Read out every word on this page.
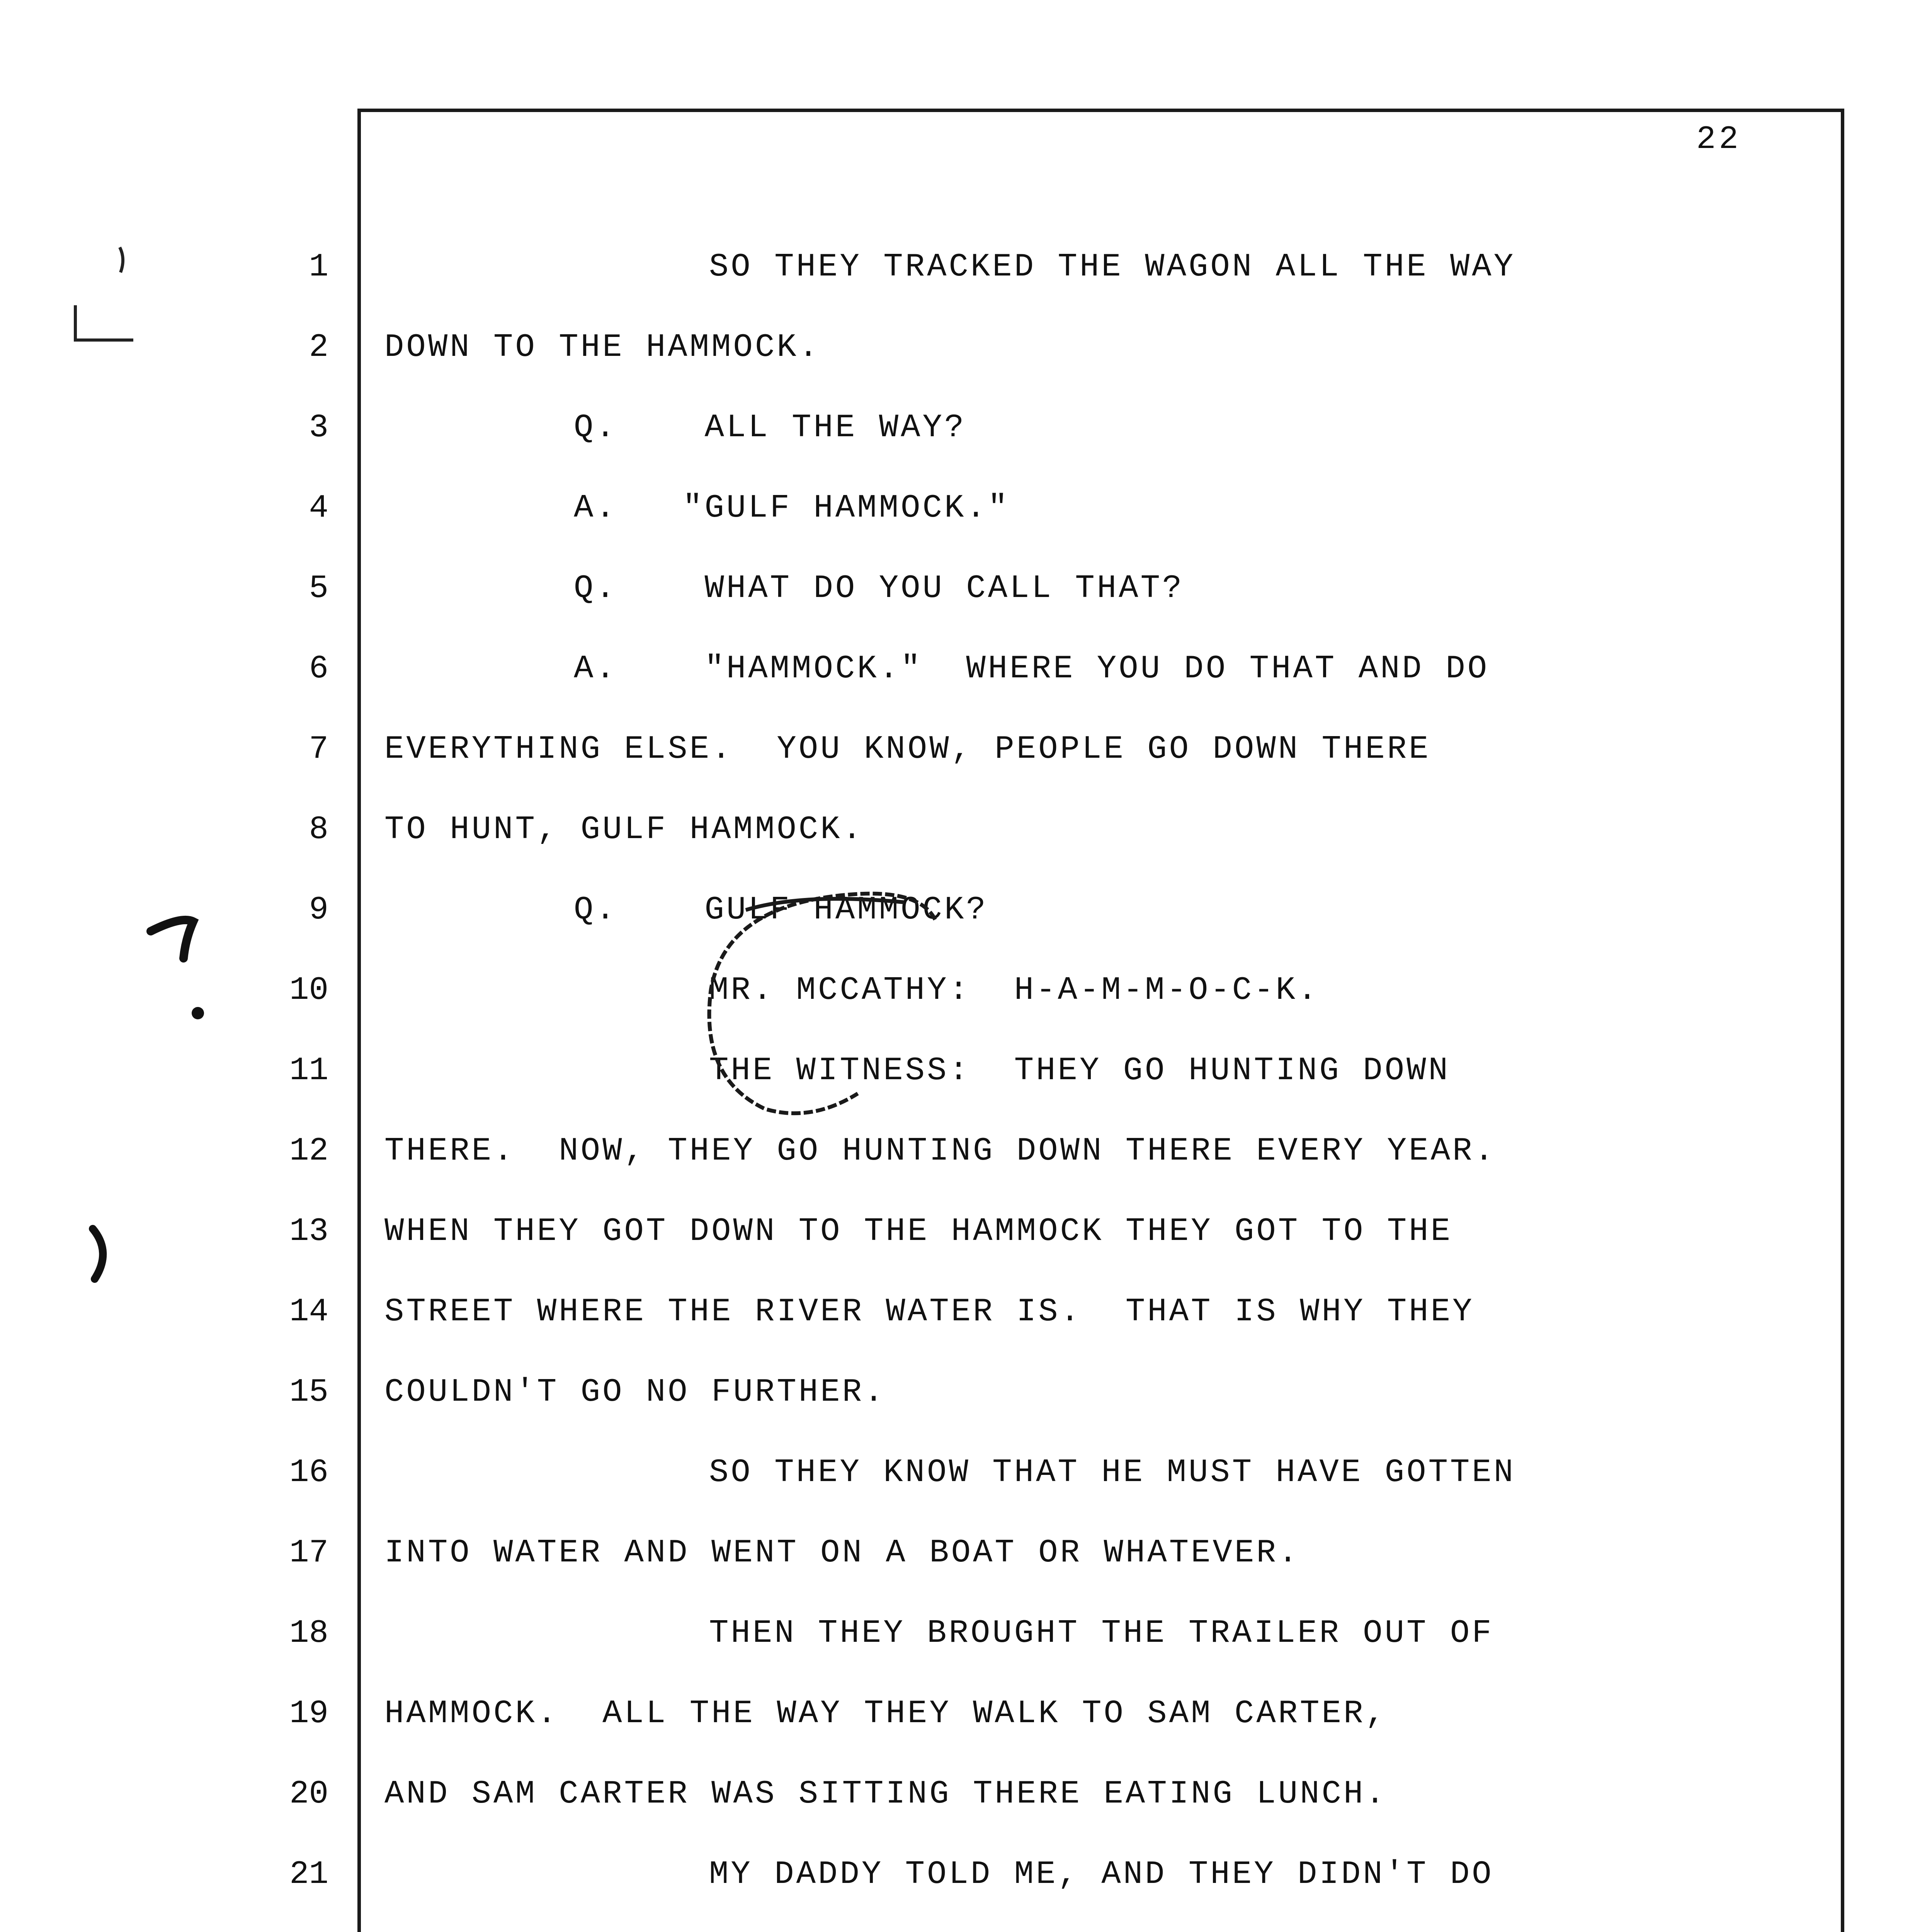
22
1	SO THEY TRACKED THE WAGON ALL THE WAY
2 DOWN TO THE HAMMOCK.
3	Q.    ALL THE WAY?
4	A.   "GULF HAMMOCK."
5	Q.    WHAT DO YOU CALL THAT?
6	A.    "HAMMOCK."  WHERE YOU DO THAT AND DO
7 EVERYTHING ELSE.  YOU KNOW, PEOPLE GO DOWN THERE
8 TO HUNT, GULF HAMMOCK.
9	Q.    GULF HAMMOCK?
10	MR. MCCATHY:  H-A-M-M-O-C-K.
11	THE WITNESS:  THEY GO HUNTING DOWN
12 THERE.  NOW, THEY GO HUNTING DOWN THERE EVERY YEAR.
13 WHEN THEY GOT DOWN TO THE HAMMOCK THEY GOT TO THE
14 STREET WHERE THE RIVER WATER IS.  THAT IS WHY THEY
15 COULDN'T GO NO FURTHER.
16	SO THEY KNOW THAT HE MUST HAVE GOTTEN
17 INTO WATER AND WENT ON A BOAT OR WHATEVER.
18	THEN THEY BROUGHT THE TRAILER OUT OF
19 HAMMOCK.  ALL THE WAY THEY WALK TO SAM CARTER,
20 AND SAM CARTER WAS SITTING THERE EATING LUNCH.
21	MY DADDY TOLD ME, AND THEY DIDN'T DO
